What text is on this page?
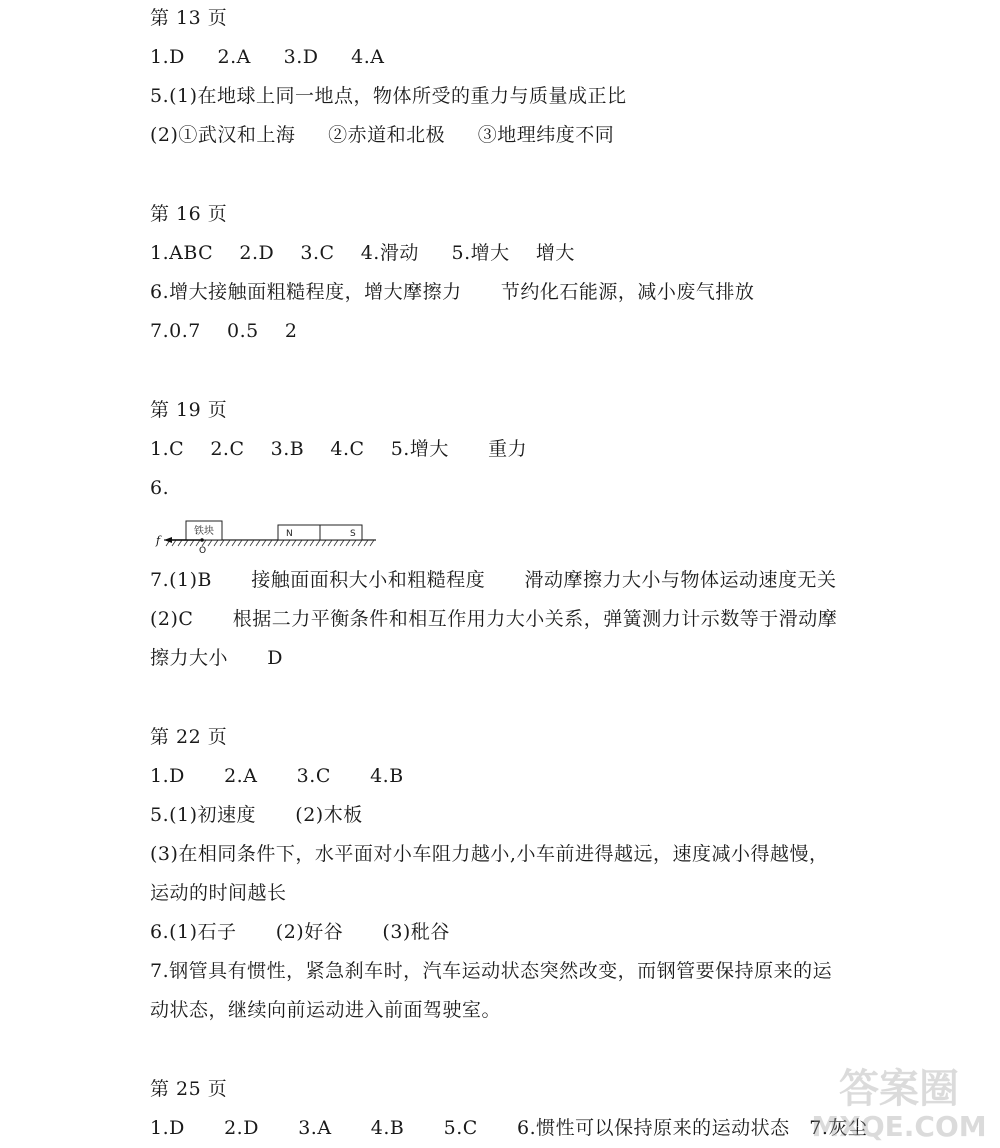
第 13 页
1.D     2.A     3.D     4.A
5.(1)在地球上同一地点，物体所受的重力与质量成正比
(2)①武汉和上海     ②赤道和北极     ③地理纬度不同
第 16 页
1.ABC    2.D    3.C    4.滑动     5.增大    增大
6.增大接触面粗糙程度，增大摩擦力      节约化石能源，减小废气排放
7.0.7    0.5    2
第 19 页
1.C    2.C    3.B    4.C    5.增大      重力
6.
铁块	N	S
f
O
7.(1)B      接触面面积大小和粗糙程度      滑动摩擦力大小与物体运动速度无关
(2)C      根据二力平衡条件和相互作用力大小关系，弹簧测力计示数等于滑动摩
擦力大小      D
第 22 页
1.D      2.A      3.C      4.B
5.(1)初速度      (2)木板
(3)在相同条件下，水平面对小车阻力越小,小车前进得越远，速度减小得越慢，
运动的时间越长
6.(1)石子      (2)好谷      (3)秕谷
7.钢管具有惯性，紧急刹车时，汽车运动状态突然改变，而钢管要保持原来的运
动状态，继续向前运动进入前面驾驶室。
第 25 页
1.D      2.D      3.A      4.B      5.C      6.惯性可以保持原来的运动状态   7.灰尘
答案圈
MXQE.COM
